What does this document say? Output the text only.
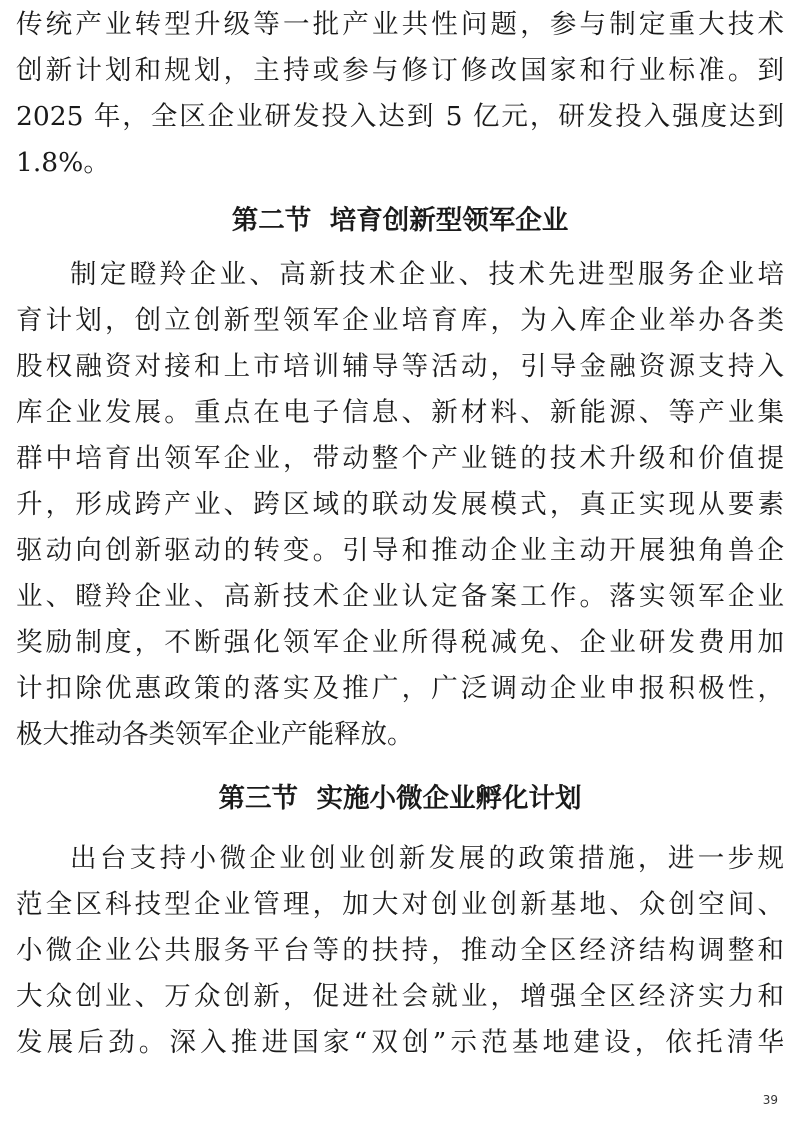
传统产业转型升级等一批产业共性问题，参与制定重大技术
创新计划和规划，主持或参与修订修改国家和行业标准。到
2025 年，全区企业研发投入达到 5 亿元，研发投入强度达到
1.8%。
第二节  培育创新型领军企业
制定瞪羚企业、高新技术企业、技术先进型服务企业培
育计划，创立创新型领军企业培育库，为入库企业举办各类
股权融资对接和上市培训辅导等活动，引导金融资源支持入
库企业发展。重点在电子信息、新材料、新能源、等产业集
群中培育出领军企业，带动整个产业链的技术升级和价值提
升，形成跨产业、跨区域的联动发展模式，真正实现从要素
驱动向创新驱动的转变。引导和推动企业主动开展独角兽企
业、瞪羚企业、高新技术企业认定备案工作。落实领军企业
奖励制度，不断强化领军企业所得税减免、企业研发费用加
计扣除优惠政策的落实及推广，广泛调动企业申报积极性，
极大推动各类领军企业产能释放。
第三节  实施小微企业孵化计划
出台支持小微企业创业创新发展的政策措施，进一步规
范全区科技型企业管理，加大对创业创新基地、众创空间、
小微企业公共服务平台等的扶持，推动全区经济结构调整和
大众创业、万众创新，促进社会就业，增强全区经济实力和
发展后劲。深入推进国家“双创”示范基地建设，依托清华
39
